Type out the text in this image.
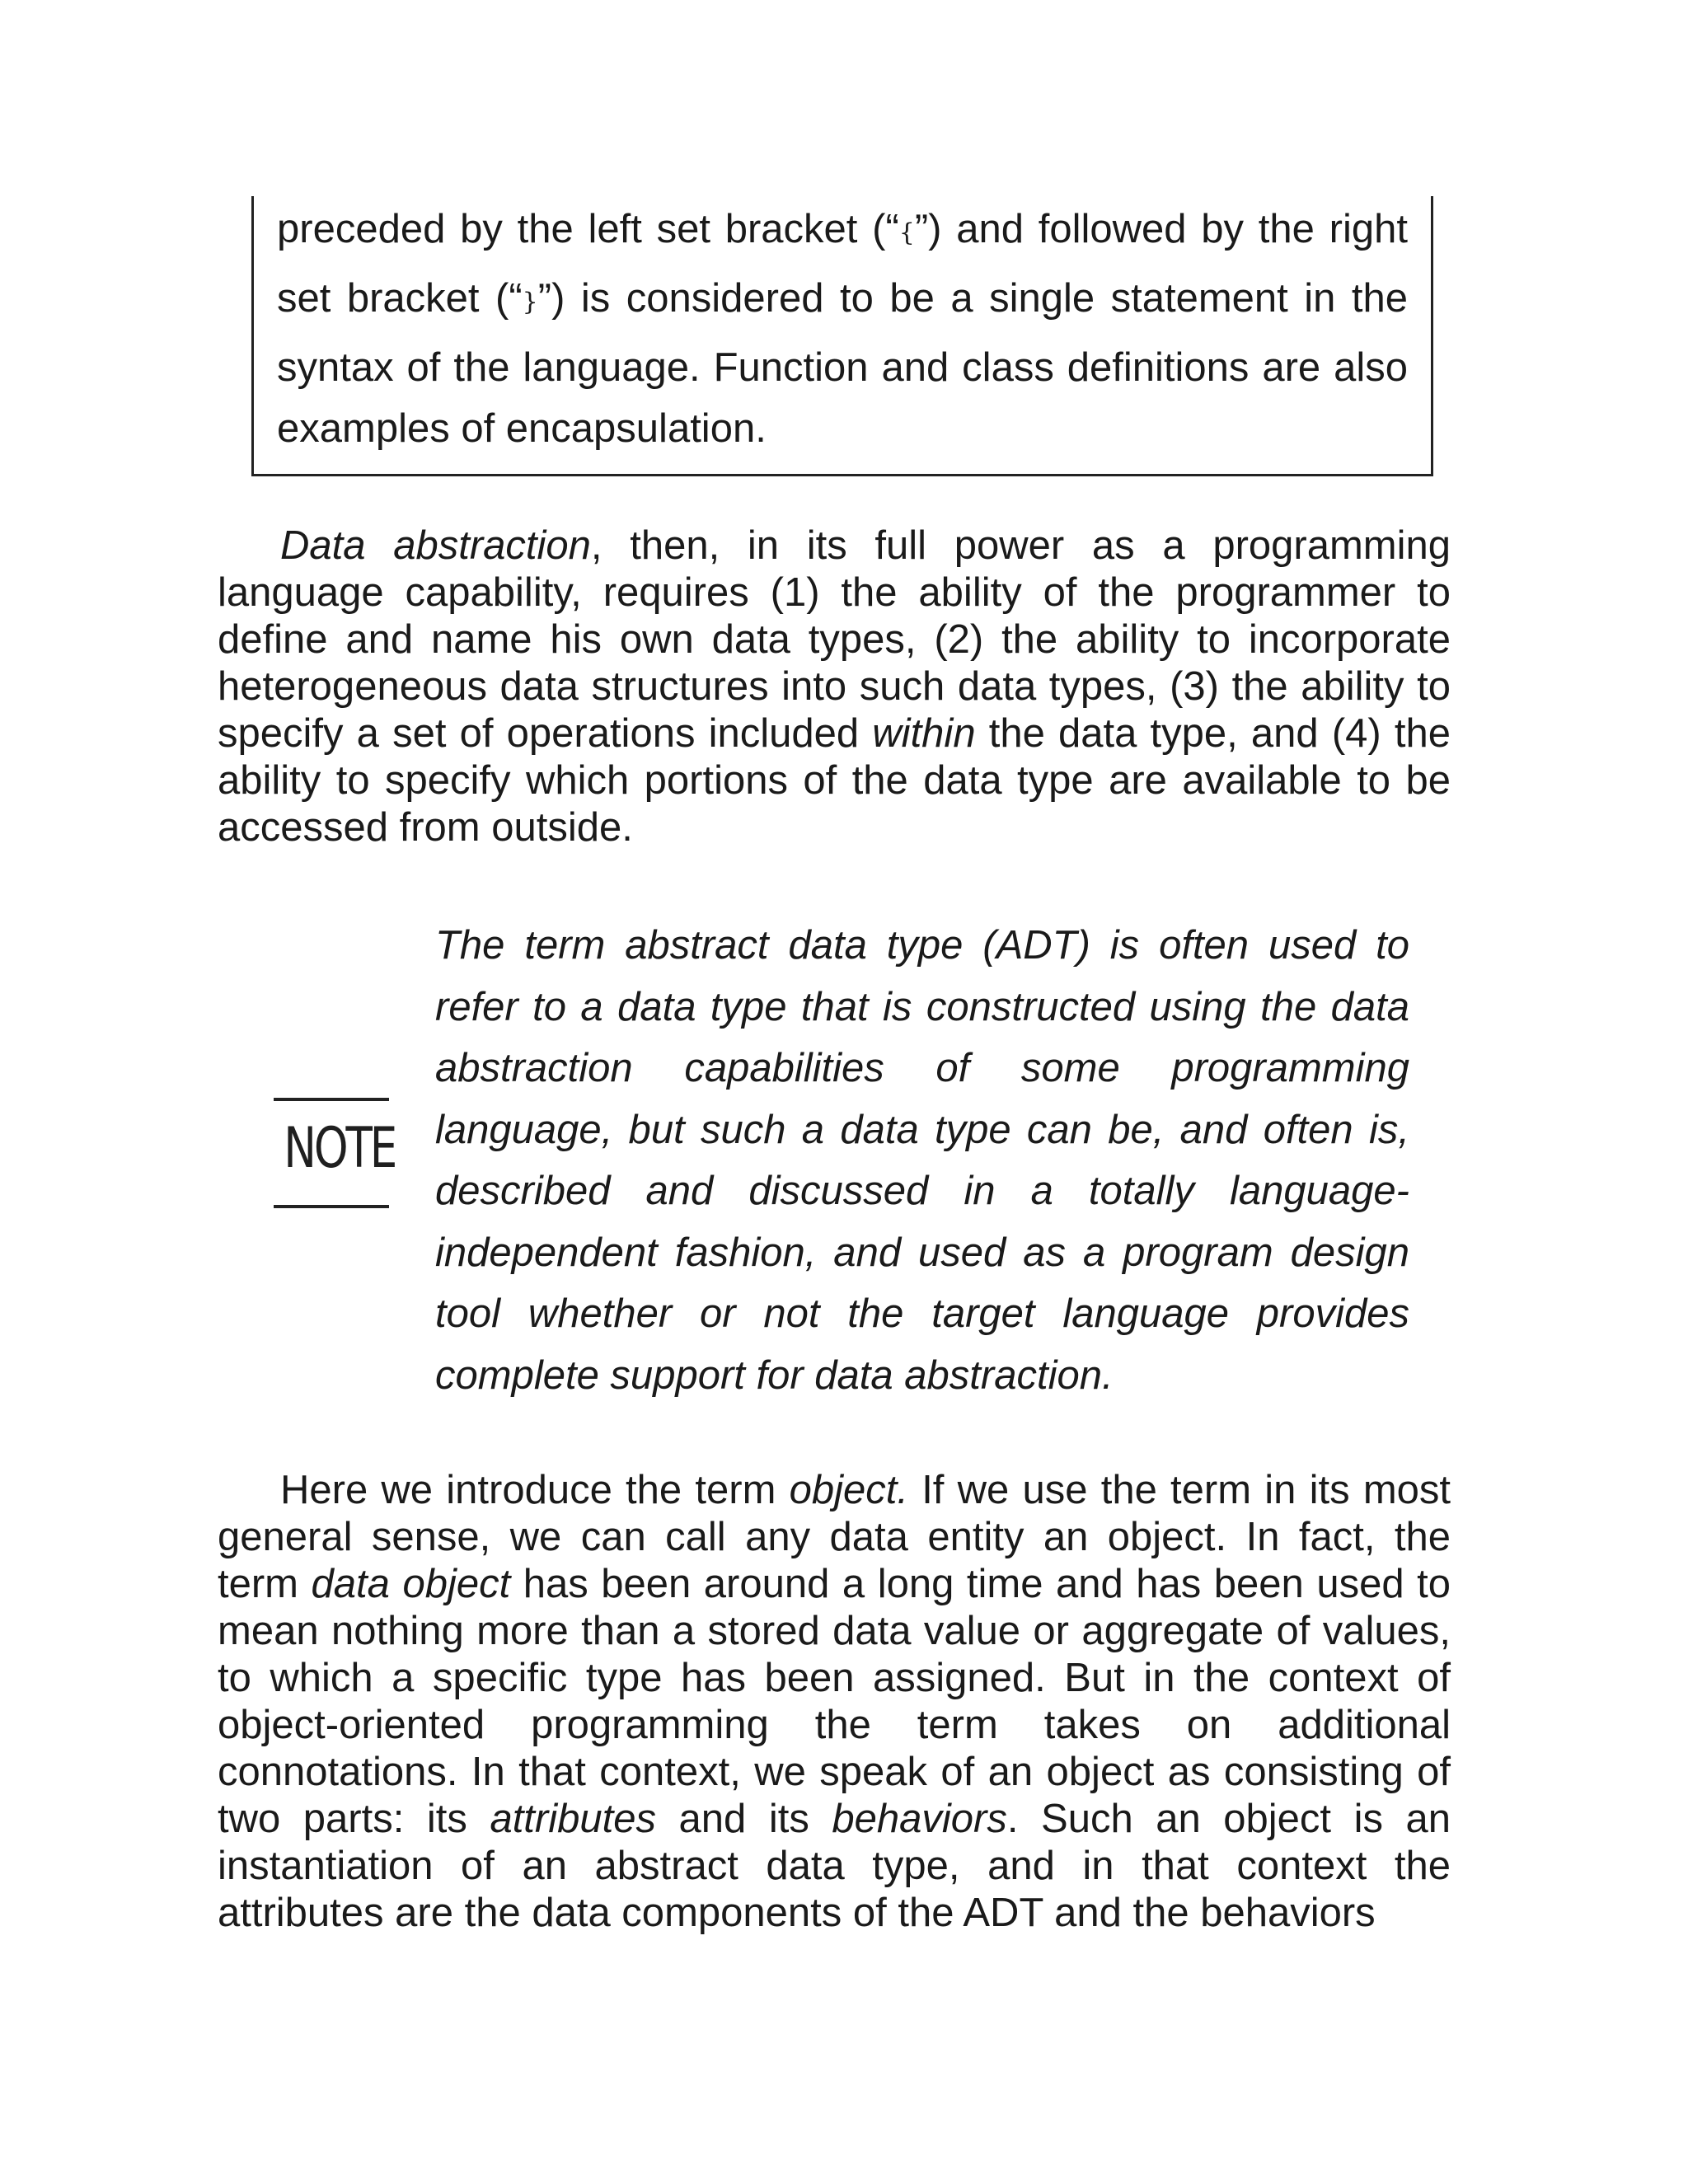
preceded by the left set bracket (“{”) and followed by the right
set bracket (“}”) is considered to be a single statement in the
syntax of the language. Function and class definitions are also
examples of encapsulation.
Data abstraction, then, in its full power as a programming
language capability, requires (1) the ability of the programmer to
define and name his own data types, (2) the ability to incorporate
heterogeneous data structures into such data types, (3) the ability to
specify a set of operations included within the data type, and (4) the
ability to specify which portions of the data type are available to be
accessed from outside.
NOTE
The term abstract data type (ADT) is often used to
refer to a data type that is constructed using the data
abstraction capabilities of some programming
language, but such a data type can be, and often is,
described and discussed in a totally language-
independent fashion, and used as a program design
tool whether or not the target language provides
complete support for data abstraction.
Here we introduce the term object. If we use the term in its most
general sense, we can call any data entity an object. In fact, the
term data object has been around a long time and has been used to
mean nothing more than a stored data value or aggregate of values,
to which a specific type has been assigned. But in the context of
object-oriented programming the term takes on additional
connotations. In that context, we speak of an object as consisting of
two parts: its attributes and its behaviors. Such an object is an
instantiation of an abstract data type, and in that context the
attributes are the data components of the ADT and the behaviors
